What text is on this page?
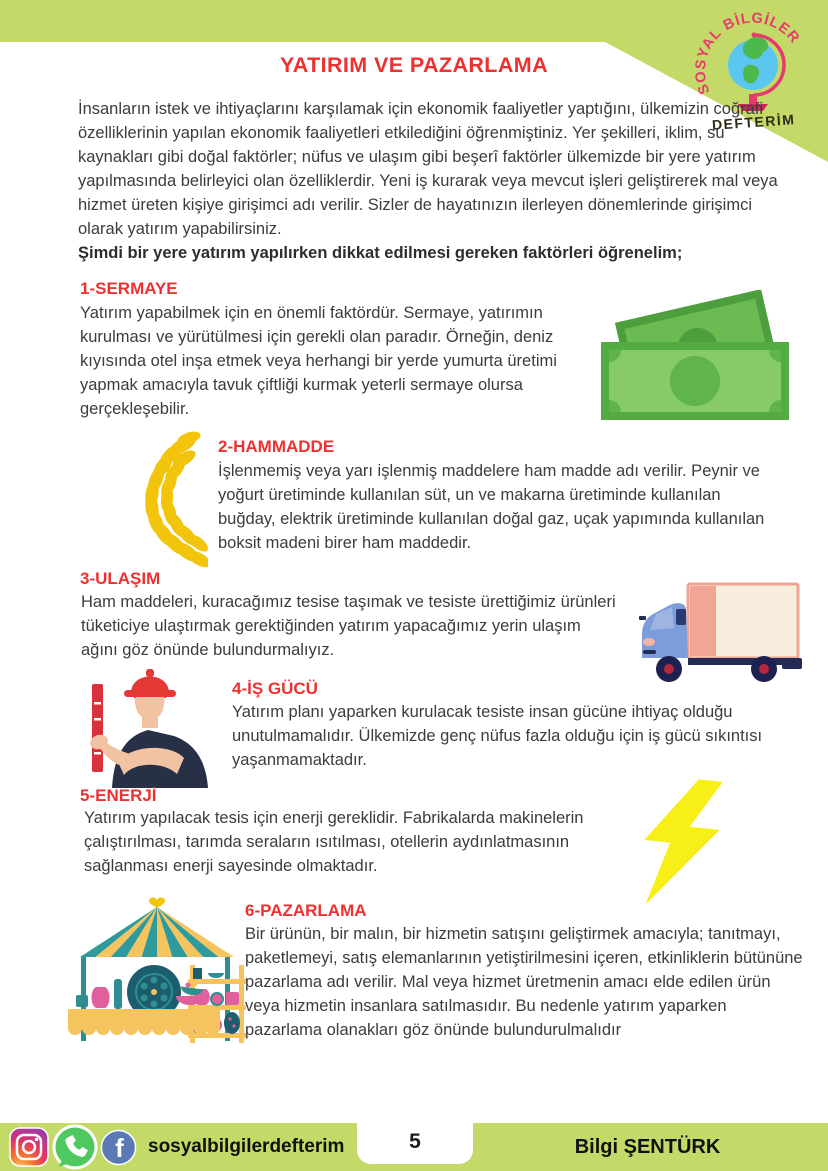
SOSYAL BİLGİLER
DEFTERİM
YATIRIM VE PAZARLAMA

İnsanların istek ve ihtiyaçlarını karşılamak için ekonomik faaliyetler yaptığını, ülkemizin coğrafi özelliklerinin yapılan ekonomik faaliyetleri etkilediğini öğrenmiştiniz. Yer şekilleri, iklim, su kaynakları gibi doğal faktörler; nüfus ve ulaşım gibi beşerî faktörler ülkemizde bir yere yatırım yapılmasında belirleyici olan özelliklerdir. Yeni iş kurarak veya mevcut işleri geliştirerek mal veya hizmet üreten kişiye girişimci adı verilir. Sizler de hayatınızın ilerleyen dönemlerinde girişimci olarak yatırım yapabilirsiniz.

Şimdi bir yere yatırım yapılırken dikkat edilmesi gereken faktörleri öğrenelim;

1-SERMAYE

Yatırım yapabilmek için en önemli faktördür. Sermaye, yatırımın kurulması ve yürütülmesi için gerekli olan paradır. Örneğin, deniz kıyısında otel inşa etmek veya herhangi bir yerde yumurta üretimi yapmak amacıyla tavuk çiftliği kurmak yeterli sermaye olursa gerçekleşebilir.

2-HAMMADDE

İşlenmemiş veya yarı işlenmiş maddelere ham madde adı verilir. Peynir ve yoğurt üretiminde kullanılan süt, un ve makarna üretiminde kullanılan buğday, elektrik üretiminde kullanılan doğal gaz, uçak yapımında kullanılan boksit madeni birer ham maddedir.

3-ULAŞIM

Ham maddeleri, kuracağımız tesise taşımak ve tesiste ürettiğimiz ürünleri tüketiciye ulaştırmak gerektiğinden yatırım yapacağımız yerin ulaşım ağını göz önünde bulundurmalıyız.

4-İŞ GÜCÜ

Yatırım planı yaparken kurulacak tesiste insan gücüne ihtiyaç olduğu unutulmamalıdır. Ülkemizde genç nüfus fazla olduğu için iş gücü sıkıntısı yaşanmamaktadır.

5-ENERJİ

Yatırım yapılacak tesis için enerji gereklidir. Fabrikalarda makinelerin çalıştırılması, tarımda seraların ısıtılması, otellerin aydınlatmasının sağlanması enerji sayesinde olmaktadır.

6-PAZARLAMA

Bir ürünün, bir malın, bir hizmetin satışını geliştirmek amacıyla; tanıtmayı, paketlemeyi, satış elemanlarının yetiştirilmesini içeren, etkinliklerin bütününe pazarlama adı verilir. Mal veya hizmet üretmenin amacı elde edilen ürün veya hizmetin insanlara satılmasıdır. Bu nedenle yatırım yaparken pazarlama olanakları göz önünde bulundurulmalıdır

f sosyalbilgilerdefterim	5	Bilgi ŞENTÜRK
